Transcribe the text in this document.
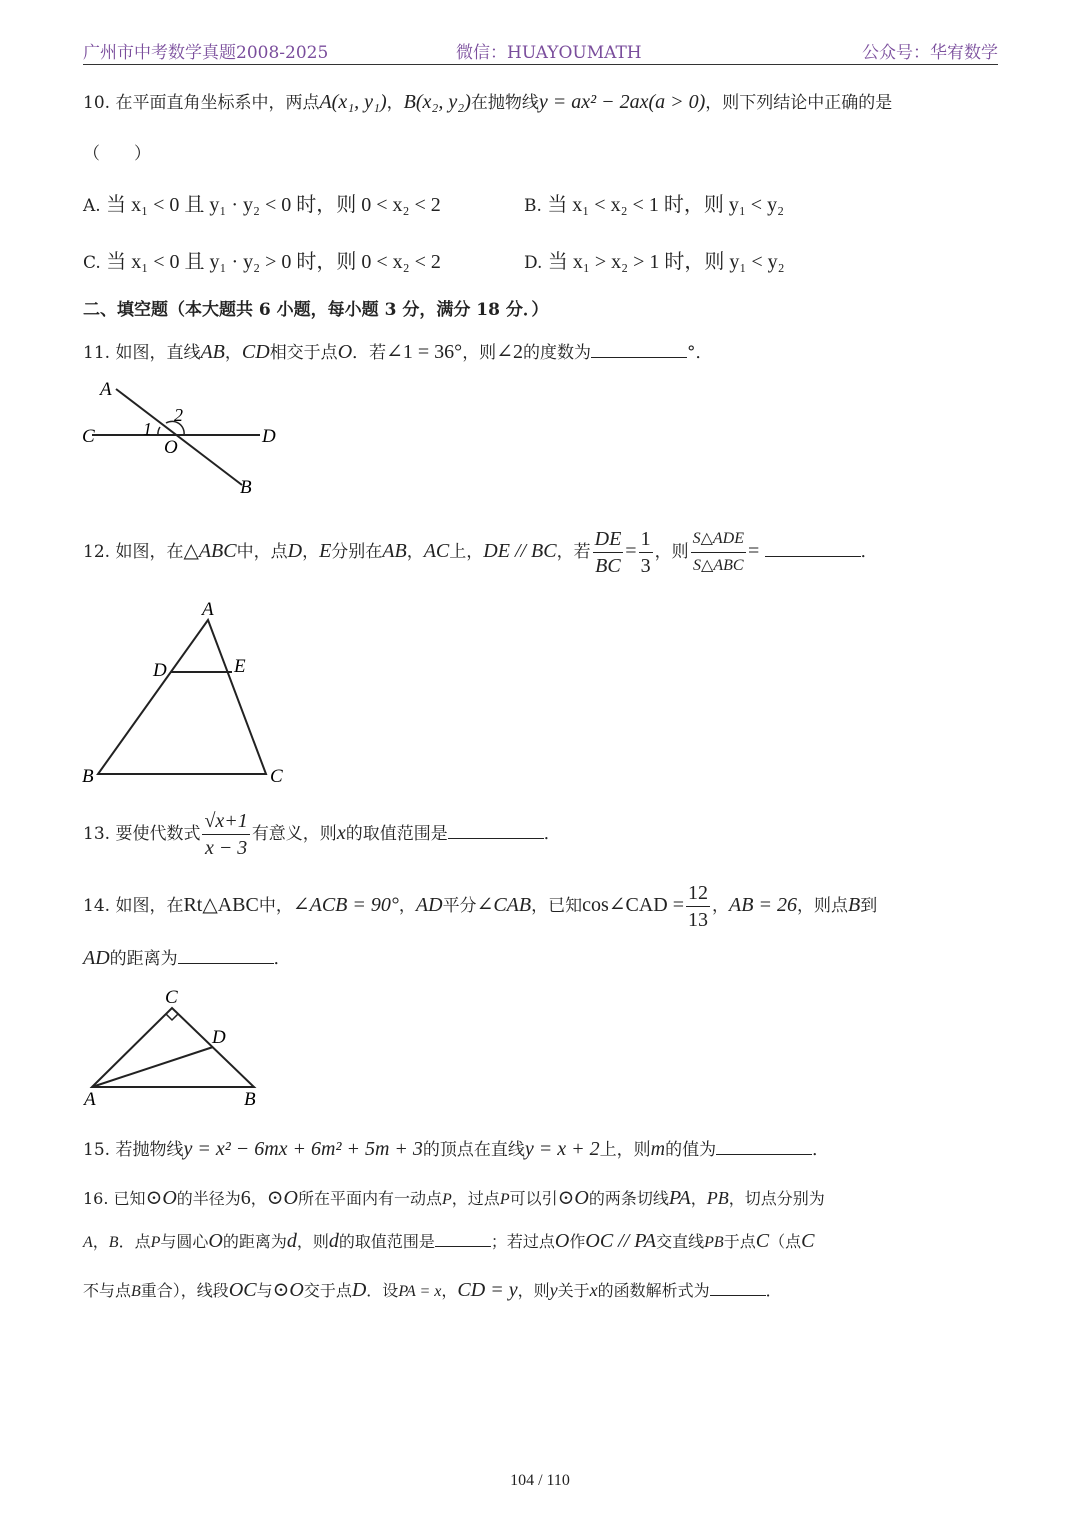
广州市中考数学真题2008-2025	微信：HUAYOUMATH	公众号：华宥数学
10. 在平面直角坐标系中，两点A(x₁, y₁)，B(x₂, y₂)在抛物线y = ax² − 2ax(a > 0)，则下列结论中正确的是
（　　）
A. 当 x₁ < 0 且 y₁ · y₂ < 0 时，则 0 < x₂ < 2	B. 当 x₁ < x₂ < 1 时，则 y₁ < y₂
C. 当 x₁ < 0 且 y₁ · y₂ > 0 时，则 0 < x₂ < 2	D. 当 x₁ > x₂ > 1 时，则 y₁ < y₂
二、填空题（本大题共 6 小题，每小题 3 分，满分 18 分．）
11. 如图，直线AB，CD相交于点O．若∠1 = 36°，则∠2的度数为	°．
A
B
C	D
O
1
2
12. 如图，在△ABC中，点D，E分别在AB，AC上，DE // BC，若 $\frac{DE}{BC} = \frac{1}{3}$ ，则 $\frac{\text{S△ADE}}{\text{S△ABC}}$ =	．
A
B	C
D	E
13. 要使代数式 $\frac{√x+1}{x - 3}$ 有意义，则x的取值范围是	．
14. 如图，在Rt△ABC中，∠ACB = 90°，AD平分∠CAB，已知cos∠CAD = $\frac{12}{13}$ ，AB = 26，则点B到
AD的距离为	．
C
D
A	B
15. 若抛物线y = x² − 6mx + 6m² + 5m + 3的顶点在直线y = x + 2上，则m的值为	．
16. 已知⊙O的半径为6，⊙O所在平面内有一动点P，过点P可以引⊙O的两条切线PA，PB，切点分别为
A，B．点P与圆心O的距离为d，则d的取值范围是	；若过点O作OC // PA交直线PB于点C（点C
不与点B重合），线段OC与⊙O交于点D．设PA = x，CD = y，则y关于x的函数解析式为	．
104 / 110
